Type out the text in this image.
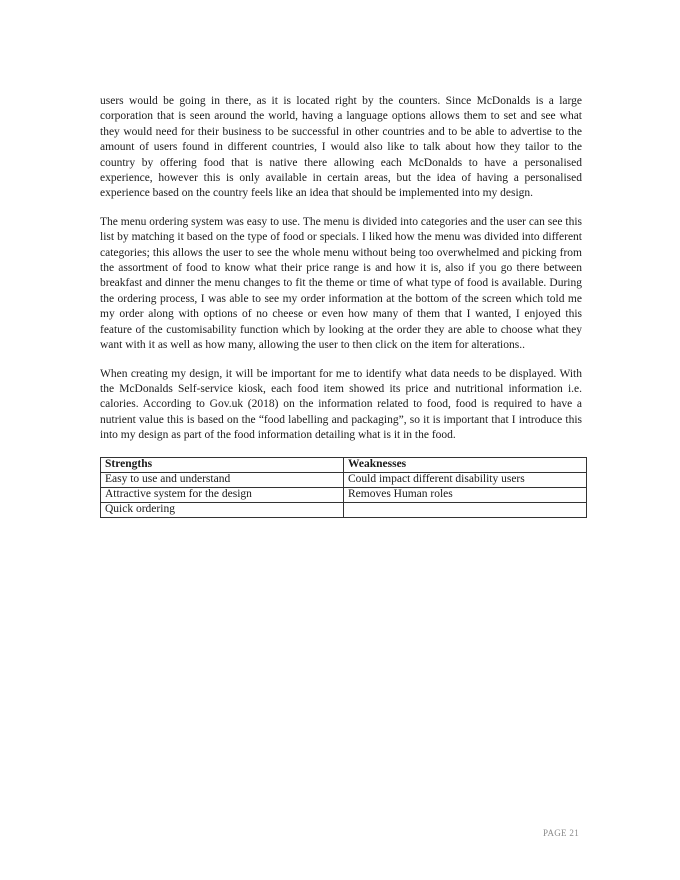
users would be going in there, as it is located right by the counters. Since McDonalds is a large corporation that is seen around the world, having a language options allows them to set and see what they would need for their business to be successful in other countries and to be able to advertise to the amount of users found in different countries, I would also like to talk about how they tailor to the country by offering food that is native there allowing each McDonalds to have a personalised experience, however this is only available in certain areas, but the idea of having a personalised experience based on the country feels like an idea that should be implemented into my design.

The menu ordering system was easy to use. The menu is divided into categories and the user can see this list by matching it based on the type of food or specials. I liked how the menu was divided into different categories; this allows the user to see the whole menu without being too overwhelmed and picking from the assortment of food to know what their price range is and how it is, also if you go there between breakfast and dinner the menu changes to fit the theme or time of what type of food is available. During the ordering process, I was able to see my order information at the bottom of the screen which told me my order along with options of no cheese or even how many of them that I wanted, I enjoyed this feature of the customisability function which by looking at the order they are able to choose what they want with it as well as how many, allowing the user to then click on the item for alterations..

When creating my design, it will be important for me to identify what data needs to be displayed. With the McDonalds Self-service kiosk, each food item showed its price and nutritional information i.e. calories. According to Gov.uk (2018) on the information related to food, food is required to have a nutrient value this is based on the “food labelling and packaging”, so it is important that I introduce this into my design as part of the food information detailing what is it in the food.

Strengths	Weaknesses
Easy to use and understand	Could impact different disability users
Attractive system for the design	Removes Human roles
Quick ordering	
PAGE 21
